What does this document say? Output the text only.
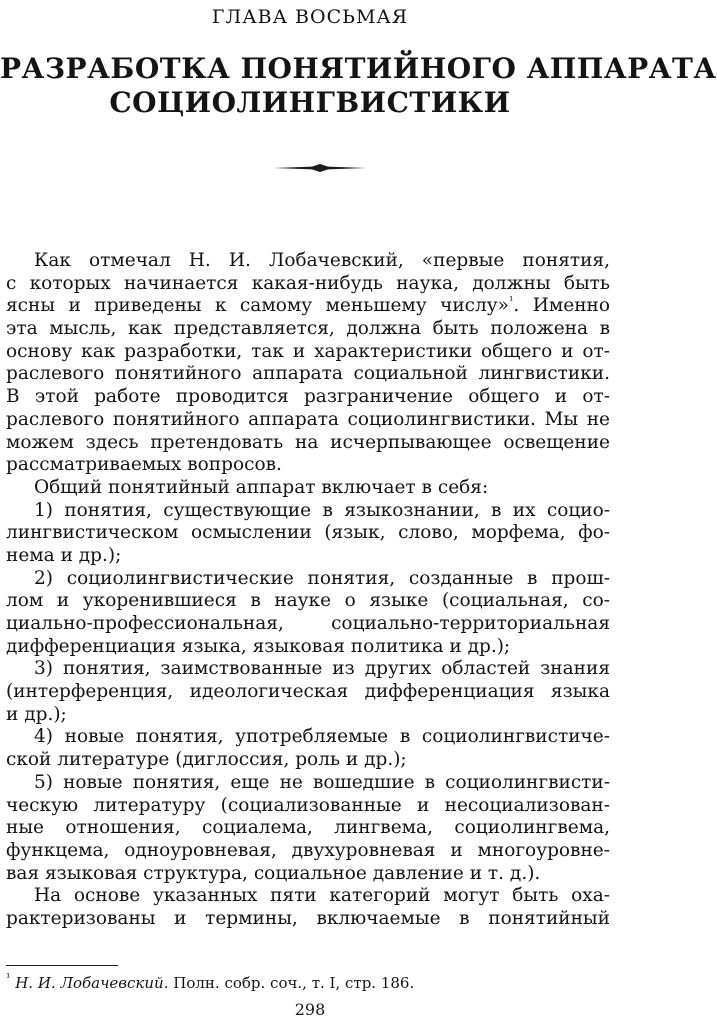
ГЛАВА ВОСЬМАЯ
РАЗРАБОТКА ПОНЯТИЙНОГО АППАРАТА
СОЦИОЛИНГВИСТИКИ
Как отмечал Н. И. Лобачевский, «первые понятия,
с которых начинается какая-нибудь наука, должны быть
ясны и приведены к самому меньшему числу»$^{^1}$. Именно
эта мысль, как представляется, должна быть положена в
основу как разработки, так и характеристики общего и от-
раслевого понятийного аппарата социальной лингвистики.
В этой работе проводится разграничение общего и от-
раслевого понятийного аппарата социолингвистики. Мы не
можем здесь претендовать на исчерпывающее освещение
рассматриваемых вопросов.
Общий понятийный аппарат включает в себя:
1) понятия, существующие в языкознании, в их социо-
лингвистическом осмыслении (язык, слово, морфема, фо-
нема и др.);
2) социолингвистические понятия, созданные в прош-
лом и укоренившиеся в науке о языке (социальная, со-
циально-профессиональная, социально-территориальная
дифференциация языка, языковая политика и др.);
3) понятия, заимствованные из других областей знания
(интерференция, идеологическая дифференциация языка
и др.);
4) новые понятия, употребляемые в социолингвистиче-
ской литературе (диглоссия, роль и др.);
5) новые понятия, еще не вошедшие в социолингвисти-
ческую литературу (социализованные и несоциализован-
ные отношения, социалема, лингвема, социолингвема,
функцема, одноуровневая, двухуровневая и многоуровне-
вая языковая структура, социальное давление и т. д.).
На основе указанных пяти категорий могут быть оха-
рактеризованы и термины, включаемые в понятийный
$^{^1}$ Н. И. Лобачевский. Полн. собр. соч., т. I, стр. 186.
298
